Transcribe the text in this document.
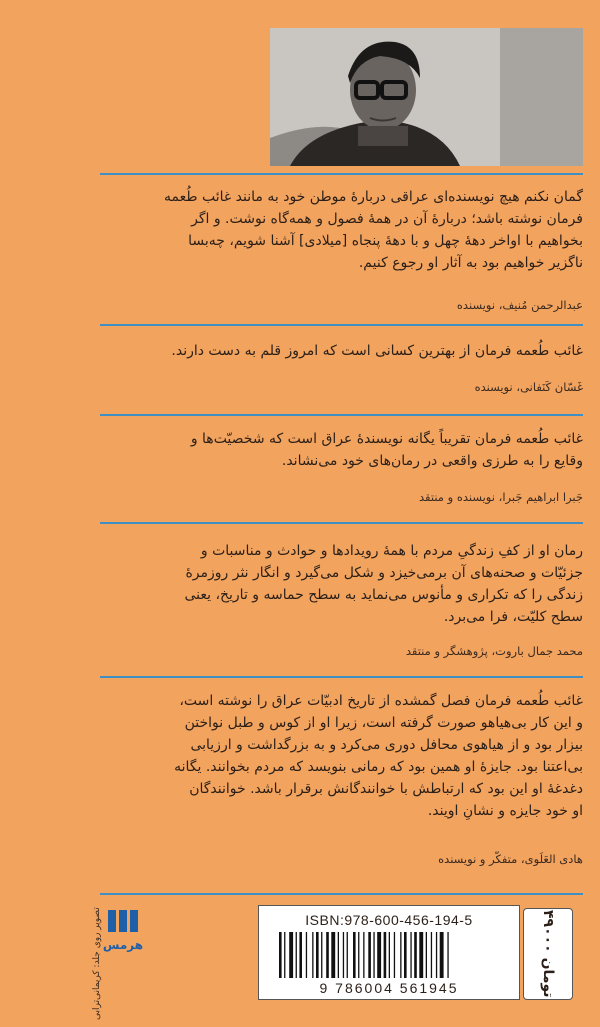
گمان نکنم هیچ نویسنده‌ای عراقی دربارهٔ موطن خود به مانند غائب طُعمه

فرمان نوشته باشد؛ دربارهٔ آن در همهٔ فصول و همه‌گاه نوشت. و اگر

بخواهیم با اواخر دههٔ چهل و با دههٔ پنجاه [میلادی] آشنا شویم، چه‌بسا

ناگزیر خواهیم بود به آثار او رجوع کنیم.

عبدالرحمن مُنیف، نویسنده

غائب طُعمه فرمان از بهترین کسانی است که امروز قلم به دست دارند.

غَسّان کَنَفانی، نویسنده

غائب طُعمه فرمان تقریباً یگانه نویسندهٔ عراق است که شخصیّت‌ها و

وقایع را به طرزی واقعی در رمان‌های خود می‌نشاند.

جَبرا ابراهیم جَبرا، نویسنده و منتقد

رمان او از کفِ زندگیِ مردم با همهٔ رویدادها و حوادث و مناسبات و

جزئیّات و صحنه‌های آن برمی‌خیزد و شکل می‌گیرد و انگار نثر روزمرهٔ

زندگی را که تکراری و مأنوس می‌نماید به سطح حماسه و تاریخ، یعنی

سطح کلیّت، فرا می‌برد.

محمد جمال باروت، پژوهشگر و منتقد

غائب طُعمه فرمان فصل گمشده از تاریخ ادبیّات عراق را نوشته است،

و این کار بی‌هیاهو صورت گرفته است، زیرا او از کوس و طبل نواختن

بیزار بود و از هیاهوی محافل دوری می‌کرد و به بزرگداشت و ارزیابی

بی‌اعتنا بود. جایزهٔ او همین بود که رمانی بنویسد که مردم بخوانند. یگانه

دغدغهٔ او این بود که ارتباطش با خوانندگانش برقرار باشد. خوانندگان

او خود جایزه و نشانِ اویند.

هادی العَلَوی، متفکّر و نویسنده
تصویر روی جلد: کریمانی‌ترابی هرمس
ISBN:978-600-456-194-5
9 786004 561945
۴۹۰۰۰ تومان
